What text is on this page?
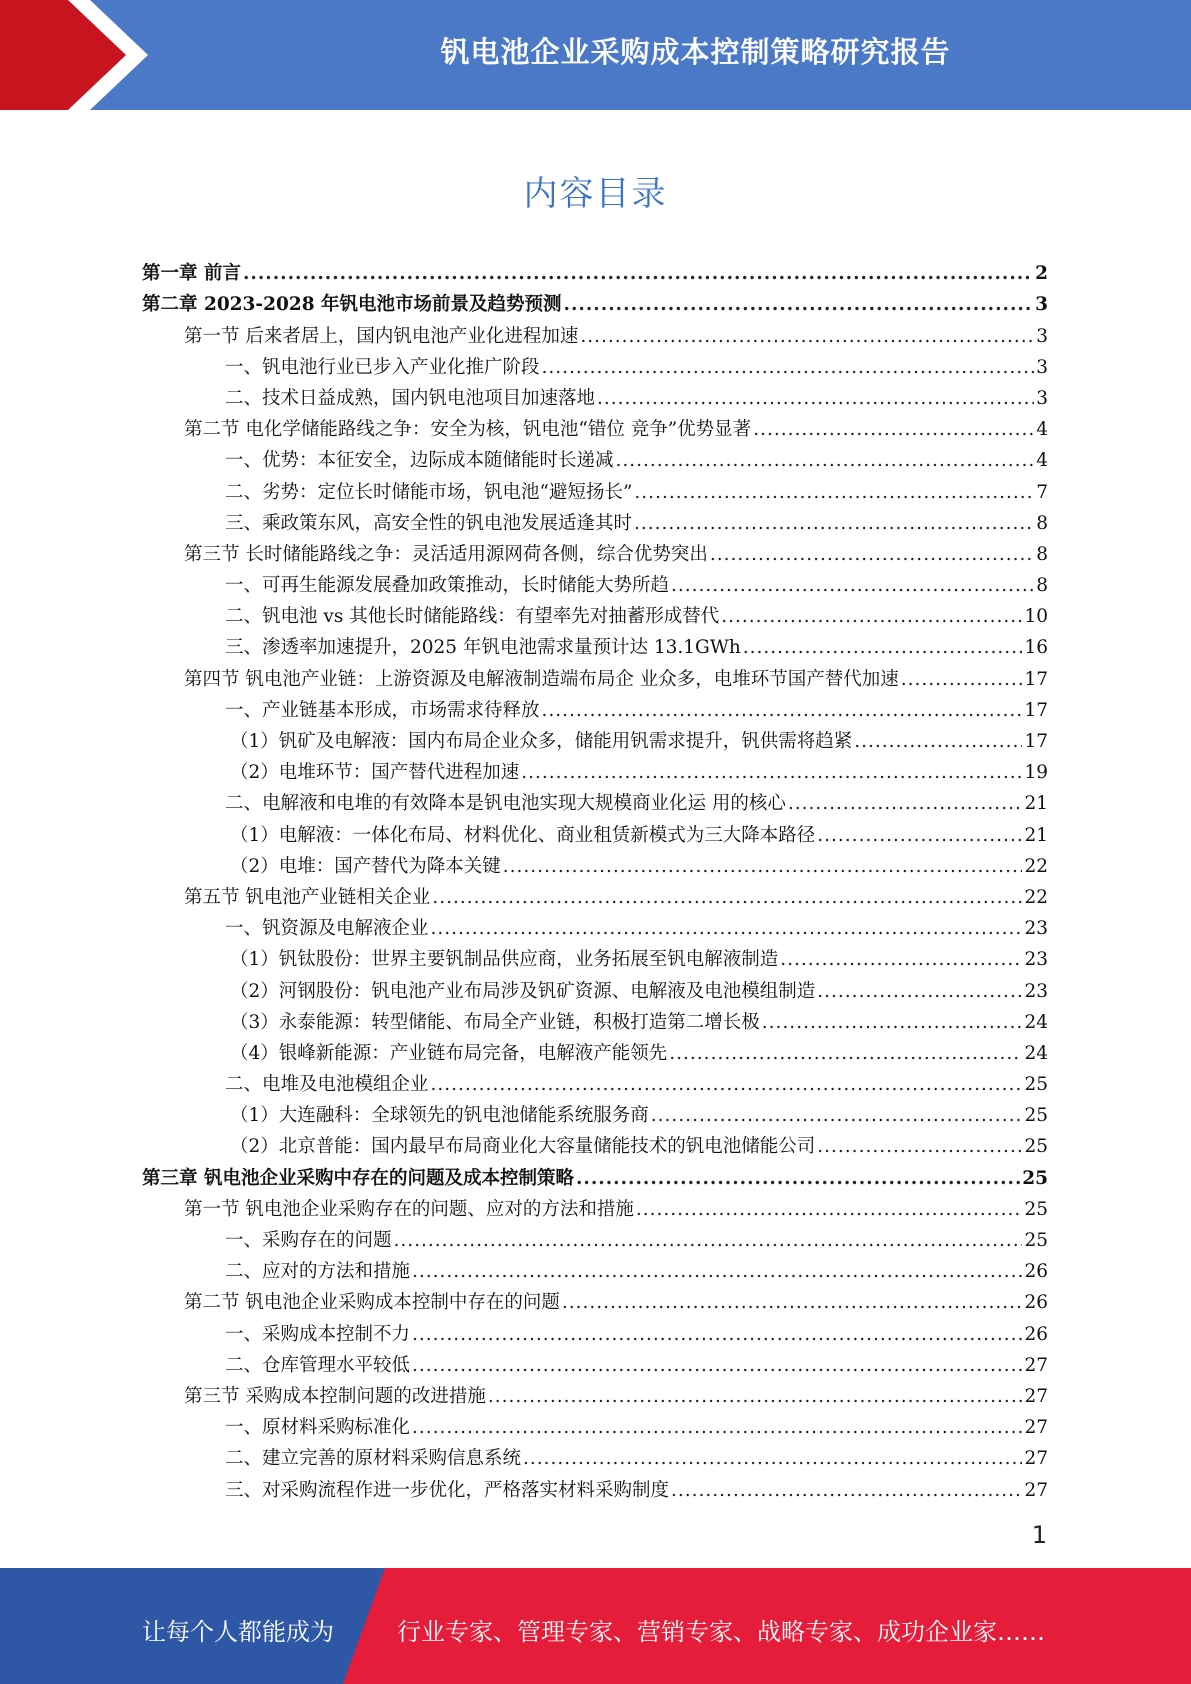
钒电池企业采购成本控制策略研究报告
内容目录
第一章 前言 .....	2
第二章 2023-2028 年钒电池市场前景及趋势预测 .....	3
第一节 后来者居上，国内钒电池产业化进程加速 .....	3
一、钒电池行业已步入产业化推广阶段 .....	3
二、技术日益成熟，国内钒电池项目加速落地 .....	3
第二节 电化学储能路线之争：安全为核，钒电池“错位 竞争”优势显著 .....	4
一、优势：本征安全，边际成本随储能时长递减 .....	4
二、劣势：定位长时储能市场，钒电池“避短扬长” .....	7
三、乘政策东风，高安全性的钒电池发展适逢其时 .....	8
第三节 长时储能路线之争：灵活适用源网荷各侧，综合优势突出 .....	8
一、可再生能源发展叠加政策推动，长时储能大势所趋 .....	8
二、钒电池 vs 其他长时储能路线：有望率先对抽蓄形成替代 .....	10
三、渗透率加速提升，2025 年钒电池需求量预计达 13.1GWh .....	16
第四节 钒电池产业链：上游资源及电解液制造端布局企 业众多，电堆环节国产替代加速 .....	17
一、产业链基本形成，市场需求待释放 .....	17
（1）钒矿及电解液：国内布局企业众多，储能用钒需求提升，钒供需将趋紧 .....	17
（2）电堆环节：国产替代进程加速 .....	19
二、电解液和电堆的有效降本是钒电池实现大规模商业化运 用的核心 .....	21
（1）电解液：一体化布局、材料优化、商业租赁新模式为三大降本路径 .....	21
（2）电堆：国产替代为降本关键 .....	22
第五节 钒电池产业链相关企业 .....	22
一、钒资源及电解液企业 .....	23
（1）钒钛股份：世界主要钒制品供应商，业务拓展至钒电解液制造 .....	23
（2）河钢股份：钒电池产业布局涉及钒矿资源、电解液及电池模组制造 .....	23
（3）永泰能源：转型储能、布局全产业链，积极打造第二增长极 .....	24
（4）银峰新能源：产业链布局完备，电解液产能领先 .....	24
二、电堆及电池模组企业 .....	25
（1）大连融科：全球领先的钒电池储能系统服务商 .....	25
（2）北京普能：国内最早布局商业化大容量储能技术的钒电池储能公司 .....	25
第三章 钒电池企业采购中存在的问题及成本控制策略 .....	25
第一节 钒电池企业采购存在的问题、应对的方法和措施 .....	25
一、采购存在的问题 .....	25
二、应对的方法和措施 .....	26
第二节 钒电池企业采购成本控制中存在的问题 .....	26
一、采购成本控制不力 .....	26
二、仓库管理水平较低 .....	27
第三节 采购成本控制问题的改进措施 .....	27
一、原材料采购标准化 .....	27
二、建立完善的原材料采购信息系统 .....	27
三、对采购流程作进一步优化，严格落实材料采购制度 .....	27
1
让每个人都能成为	行业专家、管理专家、营销专家、战略专家、成功企业家……
